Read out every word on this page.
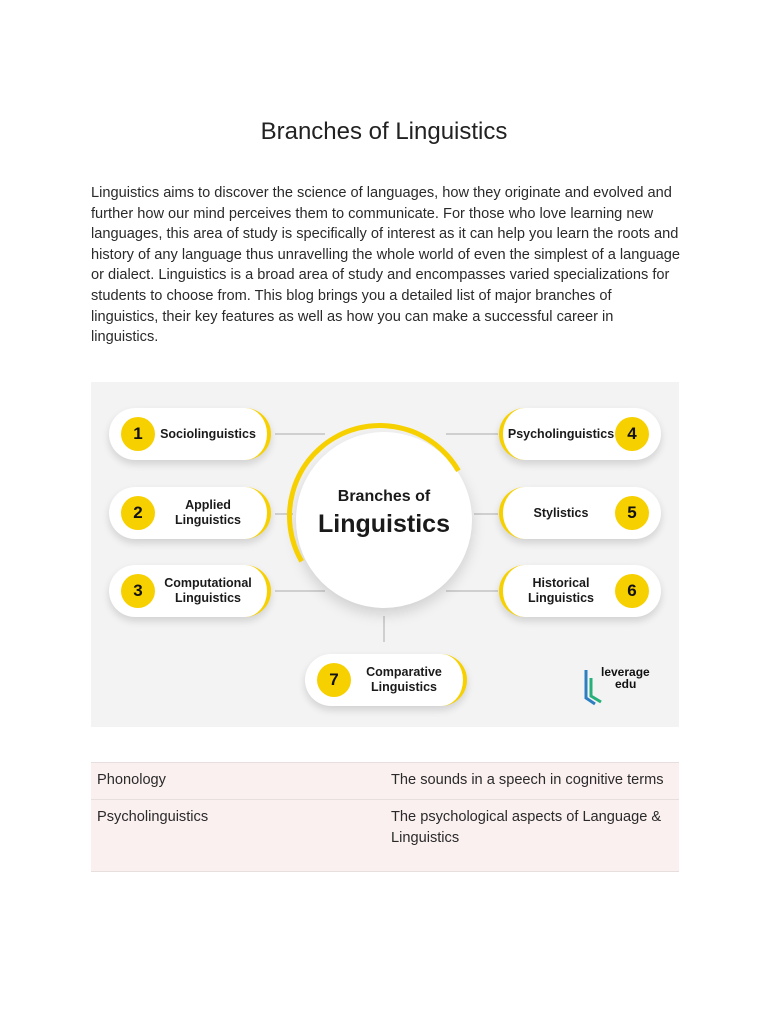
Branches of Linguistics

Linguistics aims to discover the science of languages, how they originate and evolved and further how our mind perceives them to communicate. For those who love learning new languages, this area of study is specifically of interest as it can help you learn the roots and history of any language thus unravelling the whole world of even the simplest of a language or dialect. Linguistics is a broad area of study and encompasses varied specializations for students to choose from. This blog brings you a detailed list of major branches of linguistics, their key features as well as how you can make a successful career in linguistics.

Branches of
Linguistics
1	Sociolinguistics
2	Applied Linguistics
3	Computational Linguistics
4
Psycholinguistics
5
Stylistics
6
Historical Linguistics
7	Comparative Linguistics
leverage
edu
Phonology	The sounds in a speech in cognitive terms
Psycholinguistics	The psychological aspects of Language & Linguistics
